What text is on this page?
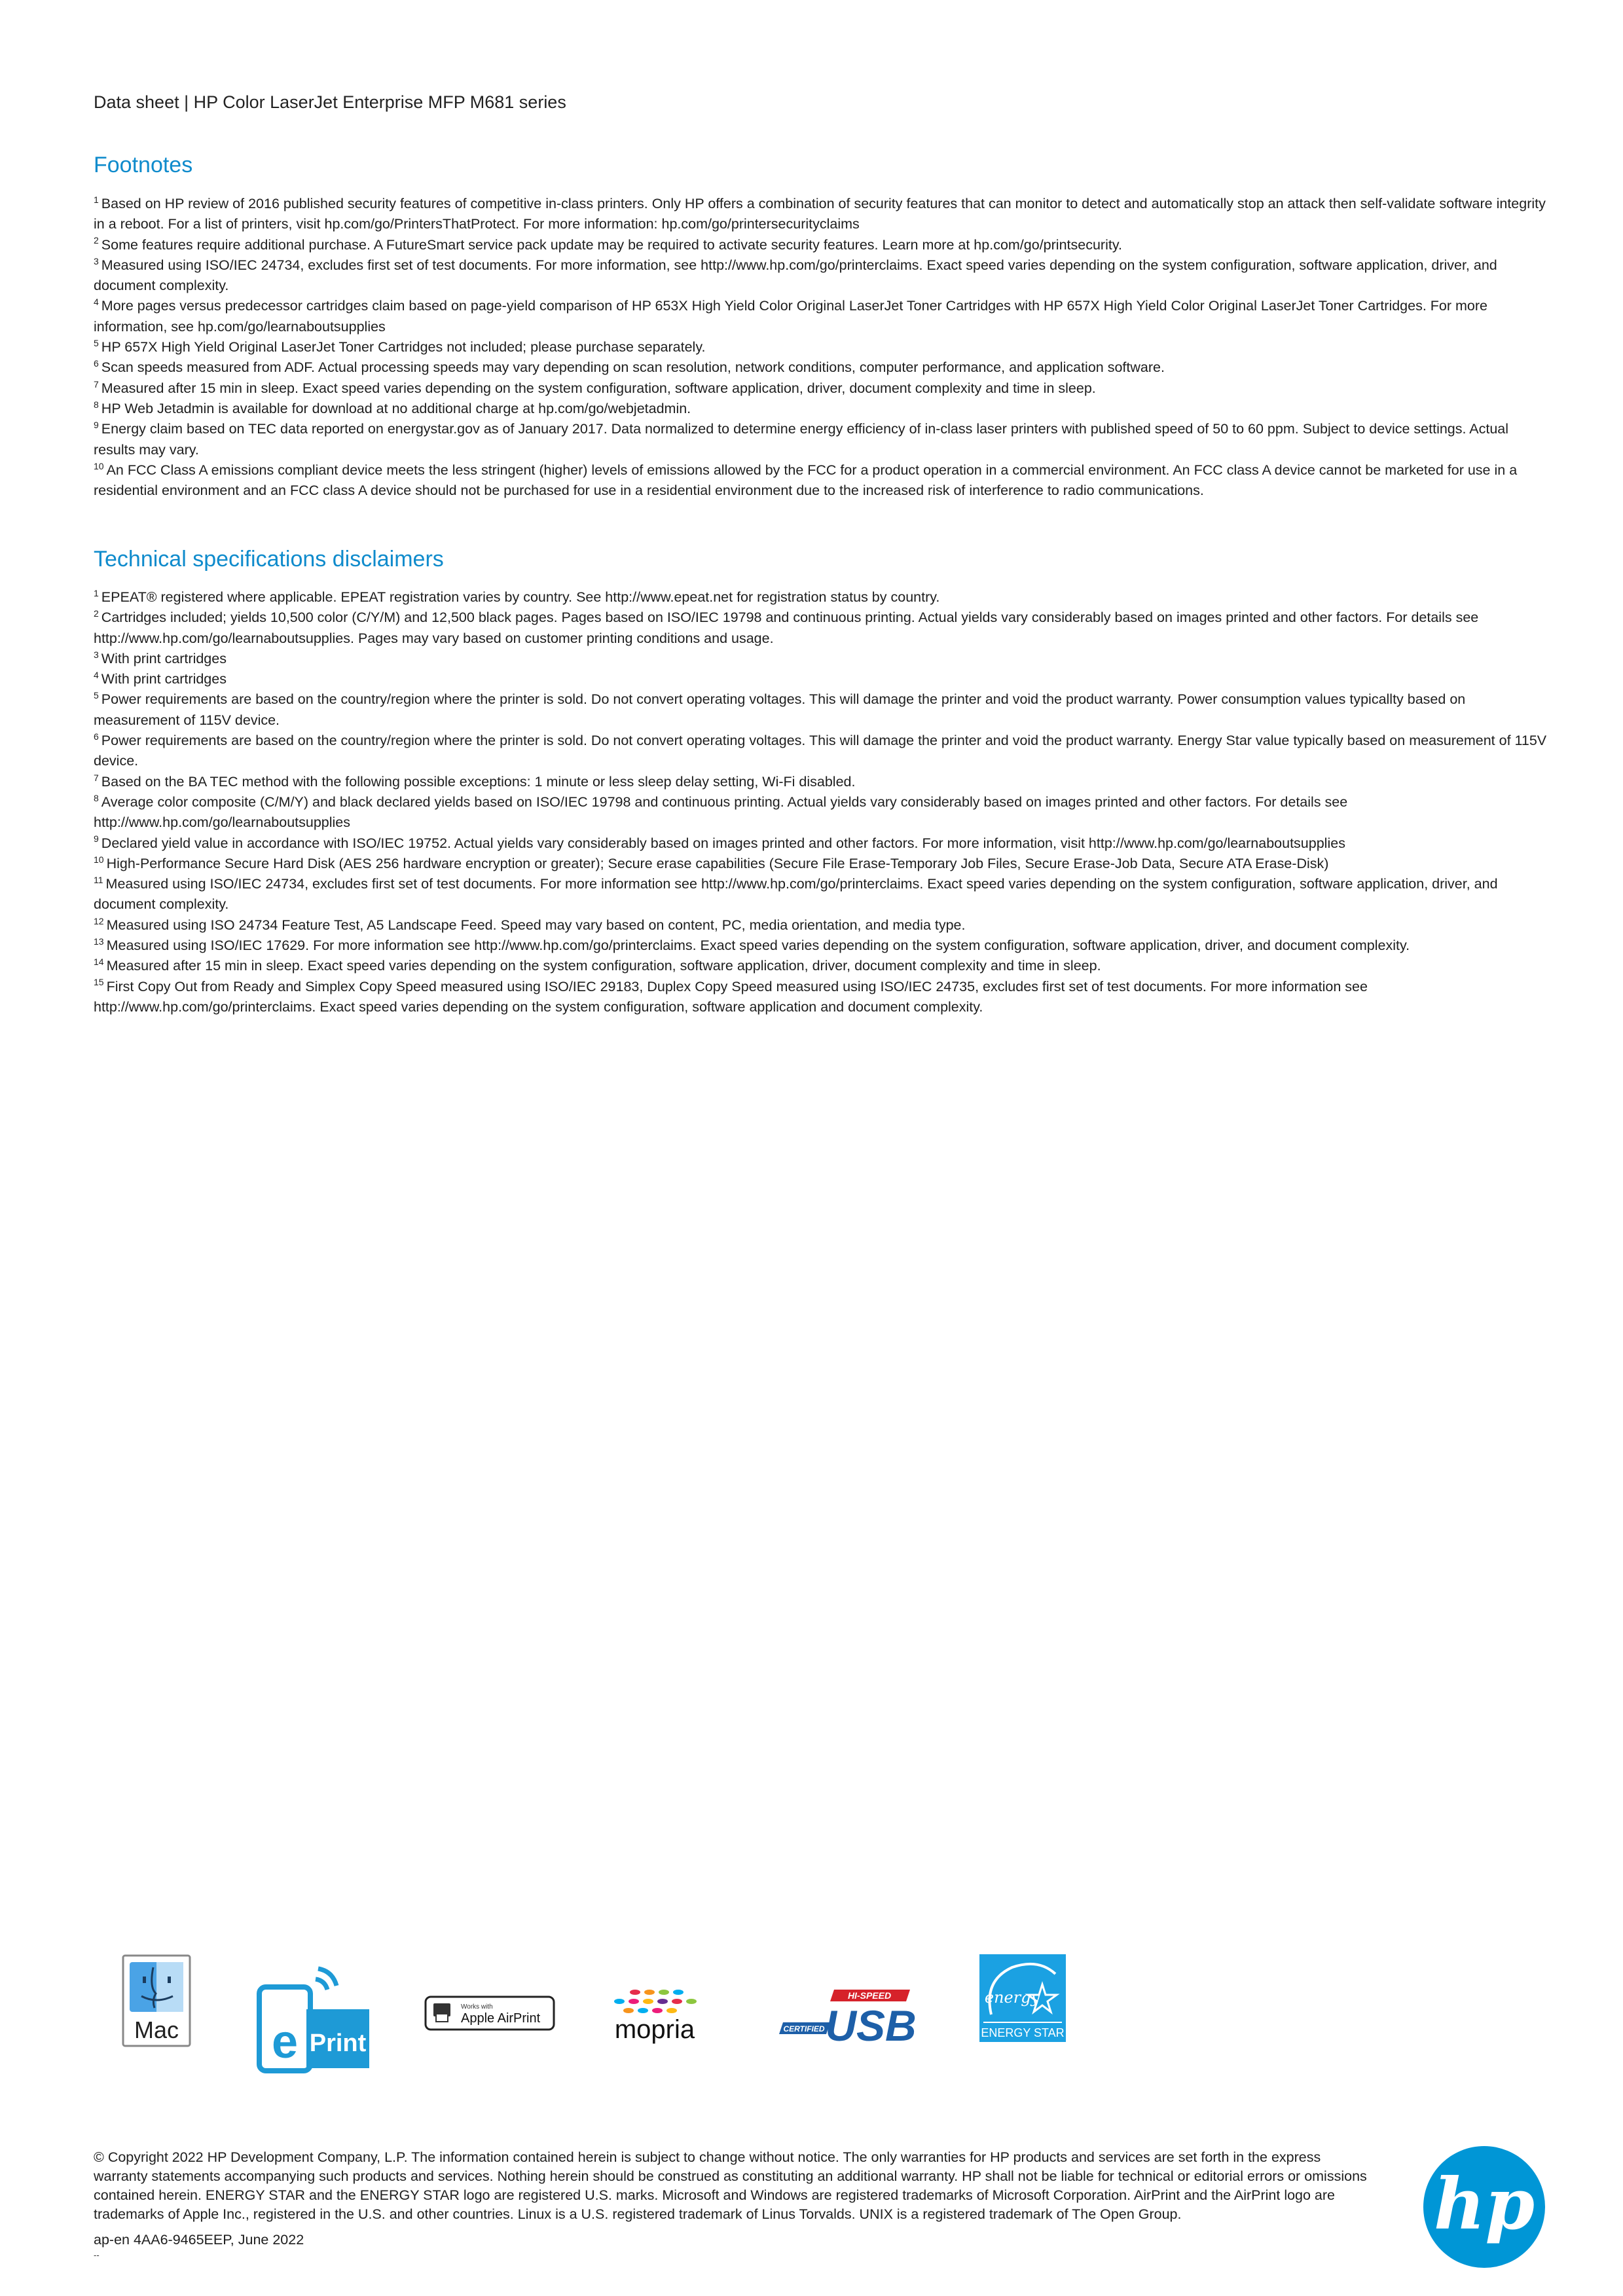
Data sheet | HP Color LaserJet Enterprise MFP M681 series
Footnotes

$^1$ Based on HP review of 2016 published security features of competitive in-class printers. Only HP offers a combination of security features that can monitor to detect and automatically stop an attack then self-validate software integrity in a reboot. For a list of printers, visit hp.com/go/PrintersThatProtect. For more information: hp.com/go/printersecurityclaims

$^2$ Some features require additional purchase. A FutureSmart service pack update may be required to activate security features. Learn more at hp.com/go/printsecurity.

$^3$ Measured using ISO/IEC 24734, excludes first set of test documents. For more information, see http://www.hp.com/go/printerclaims. Exact speed varies depending on the system configuration, software application, driver, and document complexity.

$^4$ More pages versus predecessor cartridges claim based on page-yield comparison of HP 653X High Yield Color Original LaserJet Toner Cartridges with HP 657X High Yield Color Original LaserJet Toner Cartridges. For more information, see hp.com/go/learnaboutsupplies

$^5$ HP 657X High Yield Original LaserJet Toner Cartridges not included; please purchase separately.

$^6$ Scan speeds measured from ADF. Actual processing speeds may vary depending on scan resolution, network conditions, computer performance, and application software.

$^7$ Measured after 15 min in sleep. Exact speed varies depending on the system configuration, software application, driver, document complexity and time in sleep.

$^8$ HP Web Jetadmin is available for download at no additional charge at hp.com/go/webjetadmin.

$^9$ Energy claim based on TEC data reported on energystar.gov as of January 2017. Data normalized to determine energy efficiency of in-class laser printers with published speed of 50 to 60 ppm. Subject to device settings. Actual results may vary.

$^{10}$ An FCC Class A emissions compliant device meets the less stringent (higher) levels of emissions allowed by the FCC for a product operation in a commercial environment. An FCC class A device cannot be marketed for use in a residential environment and an FCC class A device should not be purchased for use in a residential environment due to the increased risk of interference to radio communications.

Technical specifications disclaimers

$^1$ EPEAT® registered where applicable. EPEAT registration varies by country. See http://www.epeat.net for registration status by country.

$^2$ Cartridges included; yields 10,500 color (C/Y/M) and 12,500 black pages. Pages based on ISO/IEC 19798 and continuous printing. Actual yields vary considerably based on images printed and other factors. For details see http://www.hp.com/go/learnaboutsupplies. Pages may vary based on customer printing conditions and usage.

$^3$ With print cartridges

$^4$ With print cartridges

$^5$ Power requirements are based on the country/region where the printer is sold. Do not convert operating voltages. This will damage the printer and void the product warranty. Power consumption values typicallty based on measurement of 115V device.

$^6$ Power requirements are based on the country/region where the printer is sold. Do not convert operating voltages. This will damage the printer and void the product warranty. Energy Star value typically based on measurement of 115V device.

$^7$ Based on the BA TEC method with the following possible exceptions: 1 minute or less sleep delay setting, Wi-Fi disabled.

$^8$ Average color composite (C/M/Y) and black declared yields based on ISO/IEC 19798 and continuous printing. Actual yields vary considerably based on images printed and other factors. For details see http://www.hp.com/go/learnaboutsupplies

$^9$ Declared yield value in accordance with ISO/IEC 19752. Actual yields vary considerably based on images printed and other factors. For more information, visit http://www.hp.com/go/learnaboutsupplies

$^{10}$ High-Performance Secure Hard Disk (AES 256 hardware encryption or greater); Secure erase capabilities (Secure File Erase-Temporary Job Files, Secure Erase-Job Data, Secure ATA Erase-Disk)

$^{11}$ Measured using ISO/IEC 24734, excludes first set of test documents. For more information see http://www.hp.com/go/printerclaims. Exact speed varies depending on the system configuration, software application, driver, and document complexity.

$^{12}$ Measured using ISO 24734 Feature Test, A5 Landscape Feed. Speed may vary based on content, PC, media orientation, and media type.

$^{13}$ Measured using ISO/IEC 17629. For more information see http://www.hp.com/go/printerclaims. Exact speed varies depending on the system configuration, software application, driver, and document complexity.

$^{14}$ Measured after 15 min in sleep. Exact speed varies depending on the system configuration, software application, driver, document complexity and time in sleep.

$^{15}$ First Copy Out from Ready and Simplex Copy Speed measured using ISO/IEC 29183, Duplex Copy Speed measured using ISO/IEC 24735, excludes first set of test documents. For more information see http://www.hp.com/go/printerclaims. Exact speed varies depending on the system configuration, software application and document complexity.

Mac e Print
Works with
Apple AirPrint	mopria
HI-SPEED
CERTIFIED USB
energy
ENERGY STAR
© Copyright 2022 HP Development Company, L.P. The information contained herein is subject to change without notice. The only warranties for HP products and services are set forth in the express warranty statements accompanying such products and services. Nothing herein should be construed as constituting an additional warranty. HP shall not be liable for technical or editorial errors or omissions contained herein. ENERGY STAR and the ENERGY STAR logo are registered U.S. marks. Microsoft and Windows are registered trademarks of Microsoft Corporation. AirPrint and the AirPrint logo are trademarks of Apple Inc., registered in the U.S. and other countries. Linux is a U.S. registered trademark of Linus Torvalds. UNIX is a registered trademark of The Open Group.
ap-en 4AA6-9465EEP, June 2022
--
hp
